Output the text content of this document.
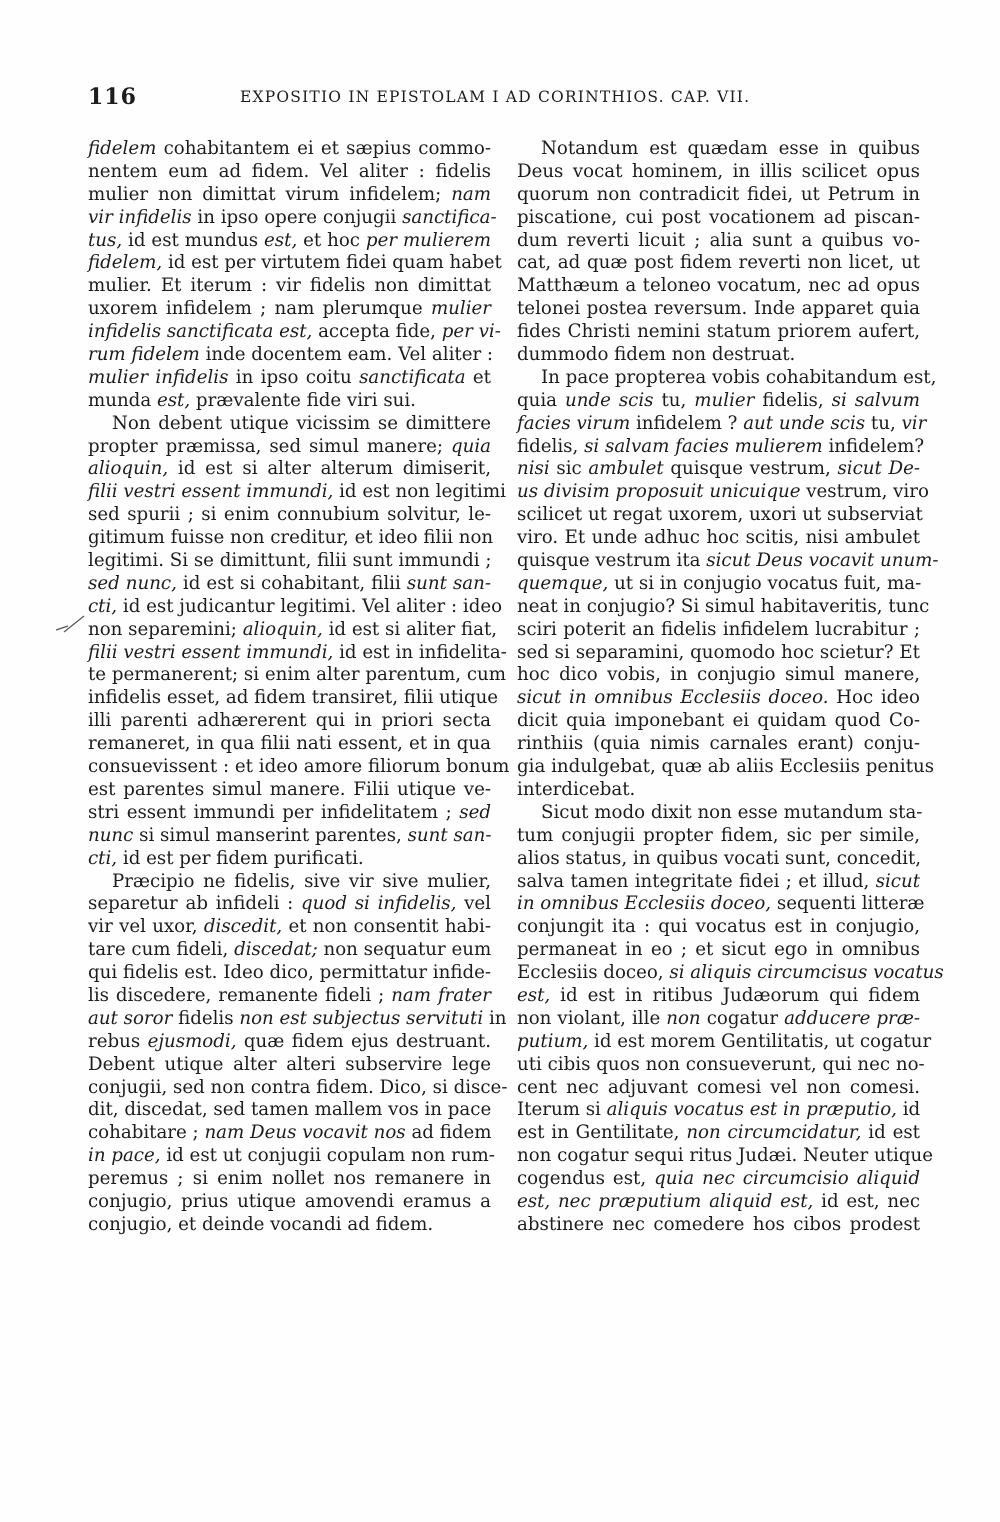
116	EXPOSITIO IN EPISTOLAM I AD CORINTHIOS. CAP. VII.
fidelem cohabitantem ei et sæpius commo-
nentem eum ad fidem. Vel aliter : fidelis
mulier non dimittat virum infidelem; nam
vir infidelis in ipso opere conjugii sanctifica-
tus, id est mundus est, et hoc per mulierem
fidelem, id est per virtutem fidei quam habet
mulier. Et iterum : vir fidelis non dimittat
uxorem infidelem ; nam plerumque mulier
infidelis sanctificata est, accepta fide, per vi-
rum fidelem inde docentem eam. Vel aliter :
mulier infidelis in ipso coitu sanctificata et
munda est, prævalente fide viri sui.
Non debent utique vicissim se dimittere
propter præmissa, sed simul manere; quia
alioquin, id est si alter alterum dimiserit,
filii vestri essent immundi, id est non legitimi
sed spurii ; si enim connubium solvitur, le-
gitimum fuisse non creditur, et ideo filii non
legitimi. Si se dimittunt, filii sunt immundi ;
sed nunc, id est si cohabitant, filii sunt san-
cti, id est judicantur legitimi. Vel aliter : ideo
non separemini; alioquin, id est si aliter fiat,
filii vestri essent immundi, id est in infidelita-
te permanerent; si enim alter parentum, cum
infidelis esset, ad fidem transiret, filii utique
illi parenti adhærerent qui in priori secta
remaneret, in qua filii nati essent, et in qua
consuevissent : et ideo amore filiorum bonum
est parentes simul manere. Filii utique ve-
stri essent immundi per infidelitatem ; sed
nunc si simul manserint parentes, sunt san-
cti, id est per fidem purificati.
Præcipio ne fidelis, sive vir sive mulier,
separetur ab infideli : quod si infidelis, vel
vir vel uxor, discedit, et non consentit habi-
tare cum fideli, discedat; non sequatur eum
qui fidelis est. Ideo dico, permittatur infide-
lis discedere, remanente fideli ; nam frater
aut soror fidelis non est subjectus servituti in
rebus ejusmodi, quæ fidem ejus destruant.
Debent utique alter alteri subservire lege
conjugii, sed non contra fidem. Dico, si disce-
dit, discedat, sed tamen mallem vos in pace
cohabitare ; nam Deus vocavit nos ad fidem
in pace, id est ut conjugii copulam non rum-
peremus ; si enim nollet nos remanere in
conjugio, prius utique amovendi eramus a
conjugio, et deinde vocandi ad fidem.
Notandum est quædam esse in quibus
Deus vocat hominem, in illis scilicet opus
quorum non contradicit fidei, ut Petrum in
piscatione, cui post vocationem ad piscan-
dum reverti licuit ; alia sunt a quibus vo-
cat, ad quæ post fidem reverti non licet, ut
Matthæum a teloneo vocatum, nec ad opus
telonei postea reversum. Inde apparet quia
fides Christi nemini statum priorem aufert,
dummodo fidem non destruat.
In pace propterea vobis cohabitandum est,
quia unde scis tu, mulier fidelis, si salvum
facies virum infidelem ? aut unde scis tu, vir
fidelis, si salvam facies mulierem infidelem?
nisi sic ambulet quisque vestrum, sicut De-
us divisim proposuit unicuique vestrum, viro
scilicet ut regat uxorem, uxori ut subserviat
viro. Et unde adhuc hoc scitis, nisi ambulet
quisque vestrum ita sicut Deus vocavit unum-
quemque, ut si in conjugio vocatus fuit, ma-
neat in conjugio? Si simul habitaveritis, tunc
sciri poterit an fidelis infidelem lucrabitur ;
sed si separamini, quomodo hoc scietur? Et
hoc dico vobis, in conjugio simul manere,
sicut in omnibus Ecclesiis doceo. Hoc ideo
dicit quia imponebant ei quidam quod Co-
rinthiis (quia nimis carnales erant) conju-
gia indulgebat, quæ ab aliis Ecclesiis penitus
interdicebat.
Sicut modo dixit non esse mutandum sta-
tum conjugii propter fidem, sic per simile,
alios status, in quibus vocati sunt, concedit,
salva tamen integritate fidei ; et illud, sicut
in omnibus Ecclesiis doceo, sequenti litteræ
conjungit ita : qui vocatus est in conjugio,
permaneat in eo ; et sicut ego in omnibus
Ecclesiis doceo, si aliquis circumcisus vocatus
est, id est in ritibus Judæorum qui fidem
non violant, ille non cogatur adducere præ-
putium, id est morem Gentilitatis, ut cogatur
uti cibis quos non consueverunt, qui nec no-
cent nec adjuvant comesi vel non comesi.
Iterum si aliquis vocatus est in præputio, id
est in Gentilitate, non circumcidatur, id est
non cogatur sequi ritus Judæi. Neuter utique
cogendus est, quia nec circumcisio aliquid
est, nec præputium aliquid est, id est, nec
abstinere nec comedere hos cibos prodest
